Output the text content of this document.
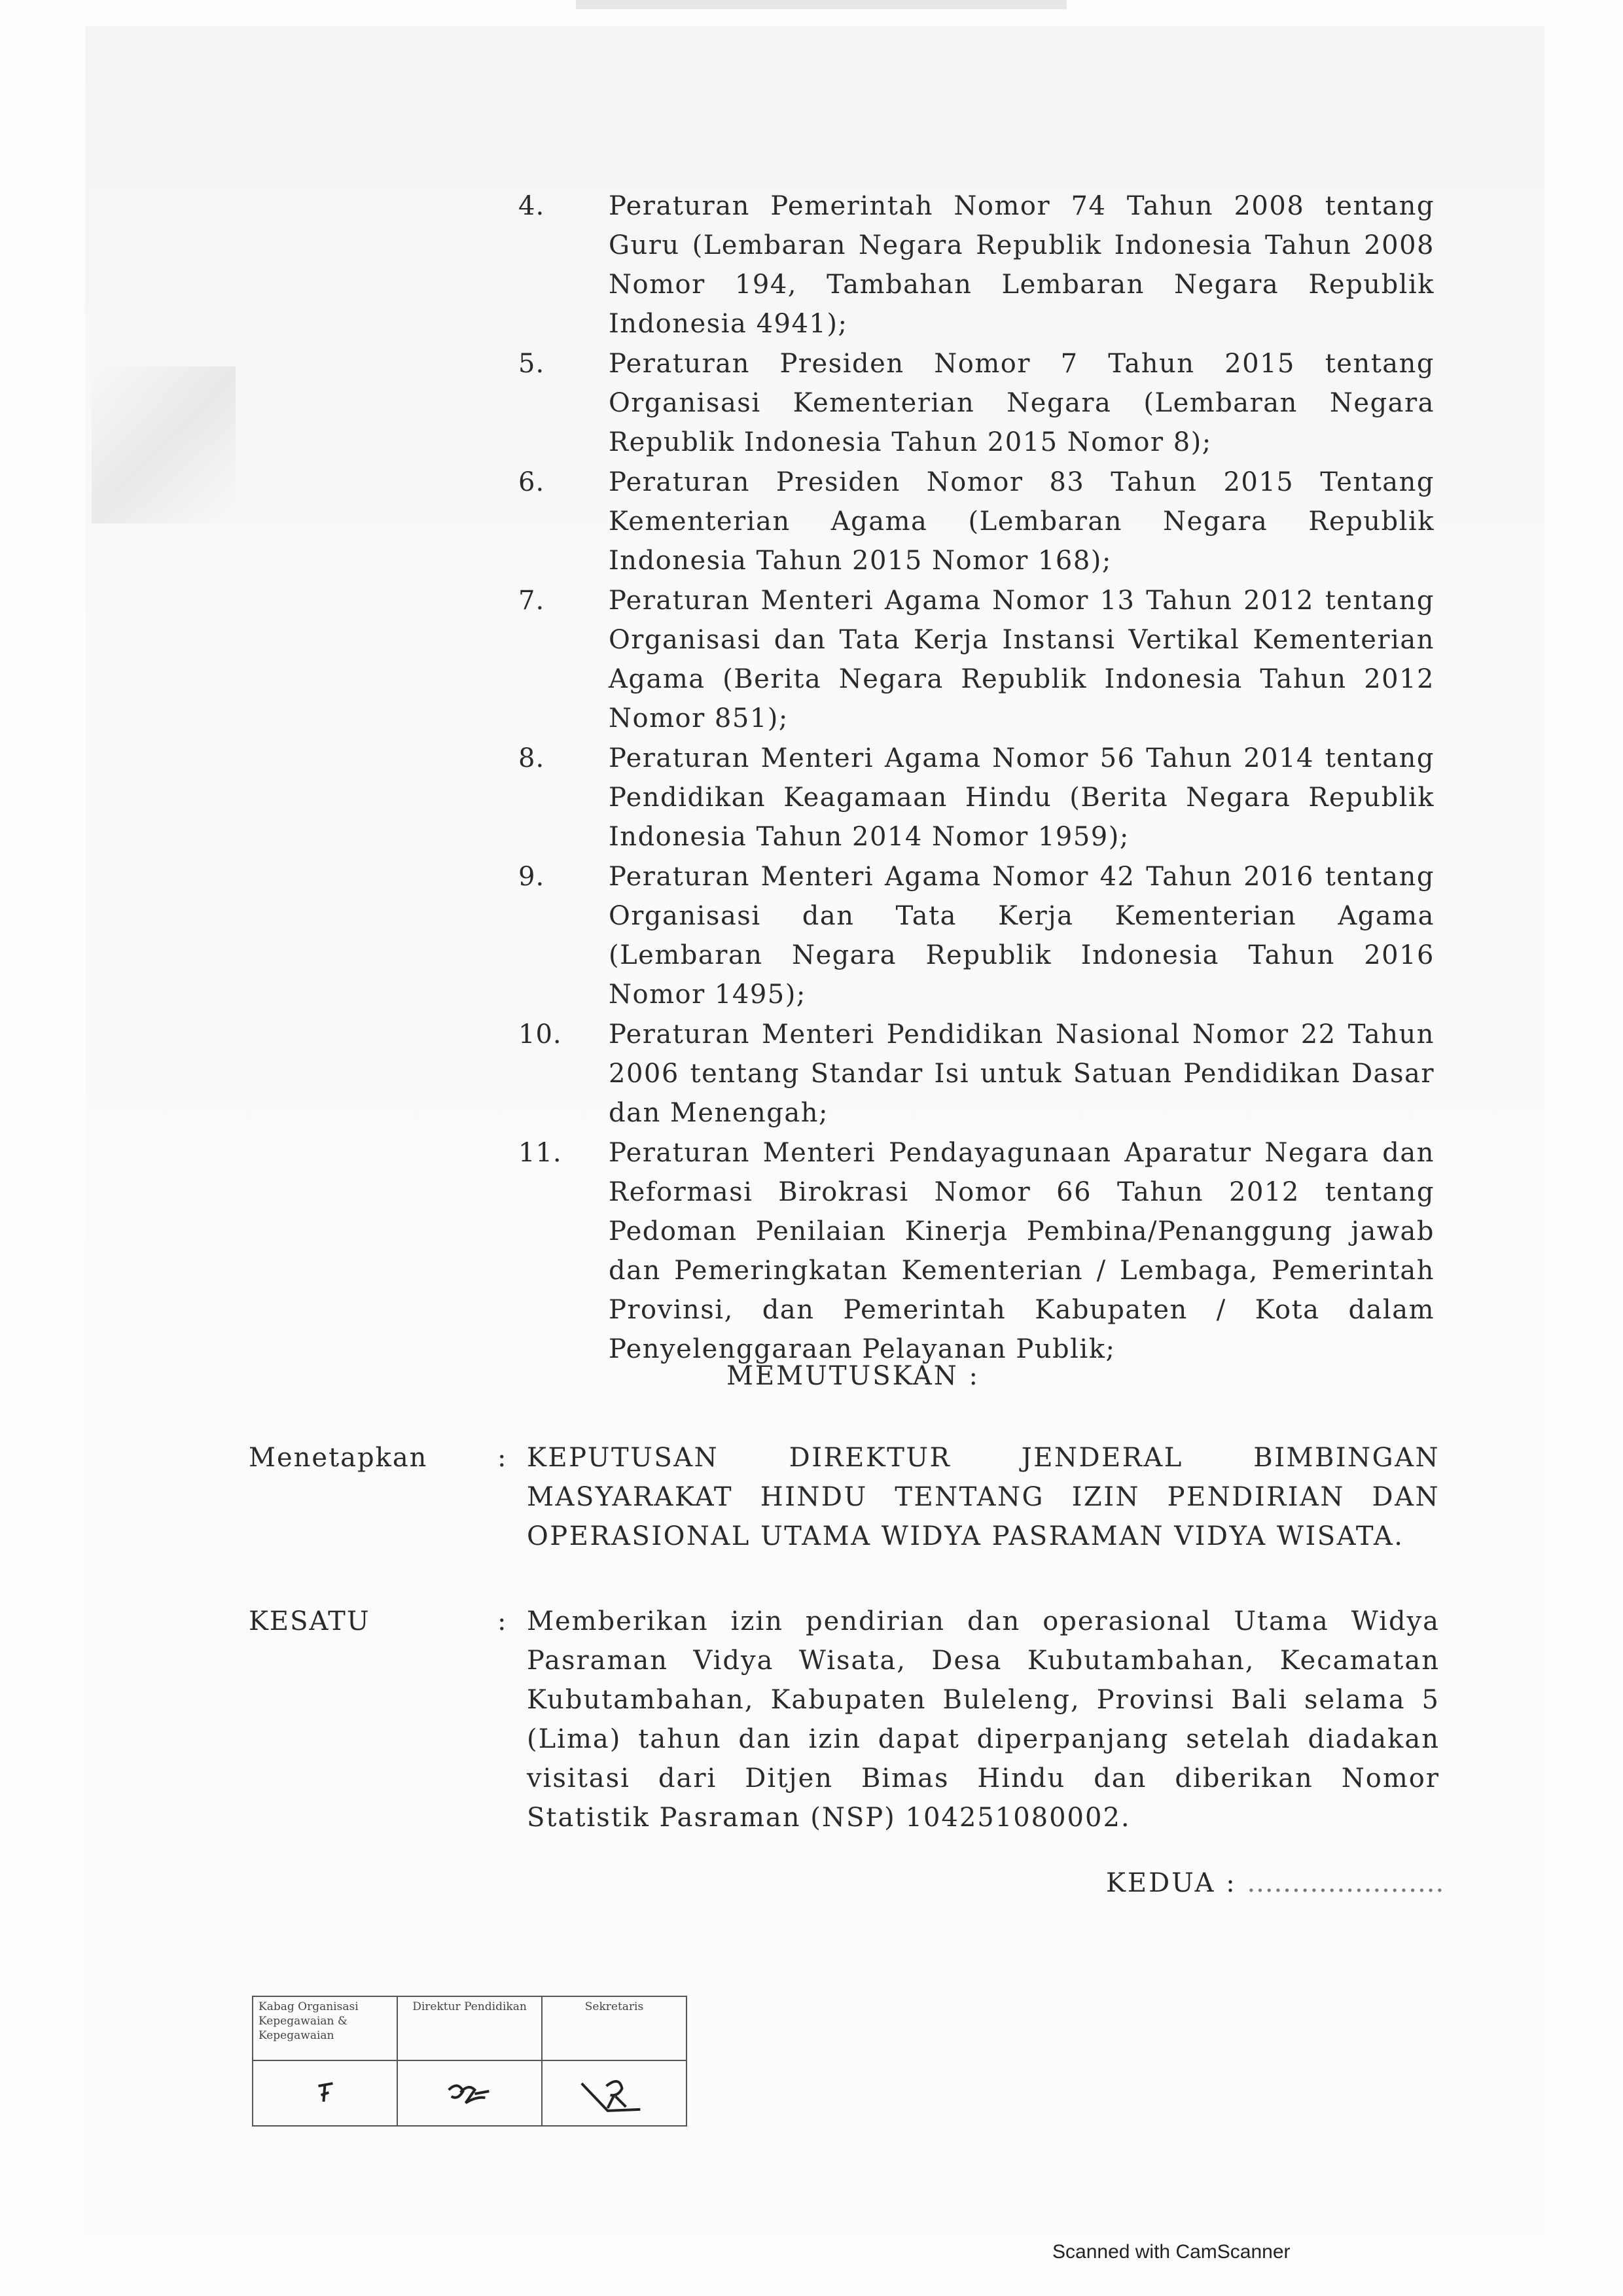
4.	Peraturan Pemerintah Nomor 74 Tahun 2008 tentang Guru (Lembaran Negara Republik Indonesia Tahun 2008 Nomor 194, Tambahan Lembaran Negara Republik Indonesia 4941);
5.	Peraturan Presiden Nomor 7 Tahun 2015 tentang Organisasi Kementerian Negara (Lembaran Negara Republik Indonesia Tahun 2015 Nomor 8);
6.	Peraturan Presiden Nomor 83 Tahun 2015 Tentang Kementerian Agama (Lembaran Negara Republik Indonesia Tahun 2015 Nomor 168);
7.	Peraturan Menteri Agama Nomor 13 Tahun 2012 tentang Organisasi dan Tata Kerja Instansi Vertikal Kementerian Agama (Berita Negara Republik Indonesia Tahun 2012 Nomor 851);
8.	Peraturan Menteri Agama Nomor 56 Tahun 2014 tentang Pendidikan Keagamaan Hindu (Berita Negara Republik Indonesia Tahun 2014 Nomor 1959);
9.	Peraturan Menteri Agama Nomor 42 Tahun 2016 tentang Organisasi dan Tata Kerja Kementerian Agama (Lembaran Negara Republik Indonesia Tahun 2016 Nomor 1495);
10.	Peraturan Menteri Pendidikan Nasional Nomor 22 Tahun 2006 tentang Standar Isi untuk Satuan Pendidikan Dasar dan Menengah;
11.	Peraturan Menteri Pendayagunaan Aparatur Negara dan Reformasi Birokrasi Nomor 66 Tahun 2012 tentang Pedoman Penilaian Kinerja Pembina/Penanggung jawab dan Pemeringkatan Kementerian / Lembaga, Pemerintah Provinsi, dan Pemerintah Kabupaten / Kota dalam Penyelenggaraan Pelayanan Publik;
MEMUTUSKAN :
Menetapkan	: KEPUTUSAN DIREKTUR JENDERAL BIMBINGAN MASYARAKAT HINDU TENTANG IZIN PENDIRIAN DAN OPERASIONAL UTAMA WIDYA PASRAMAN VIDYA WISATA.
KESATU	: Memberikan izin pendirian dan operasional Utama Widya Pasraman Vidya Wisata, Desa Kubutambahan, Kecamatan Kubutambahan, Kabupaten Buleleng, Provinsi Bali selama 5 (Lima) tahun dan izin dapat diperpanjang setelah diadakan visitasi dari Ditjen Bimas Hindu dan diberikan Nomor Statistik Pasraman (NSP) 104251080002.
KEDUA : ......................
Kabag Organisasi Kepegawaian & Kepegawaian	Direktur Pendidikan	Sekretaris

Scanned with CamScanner
